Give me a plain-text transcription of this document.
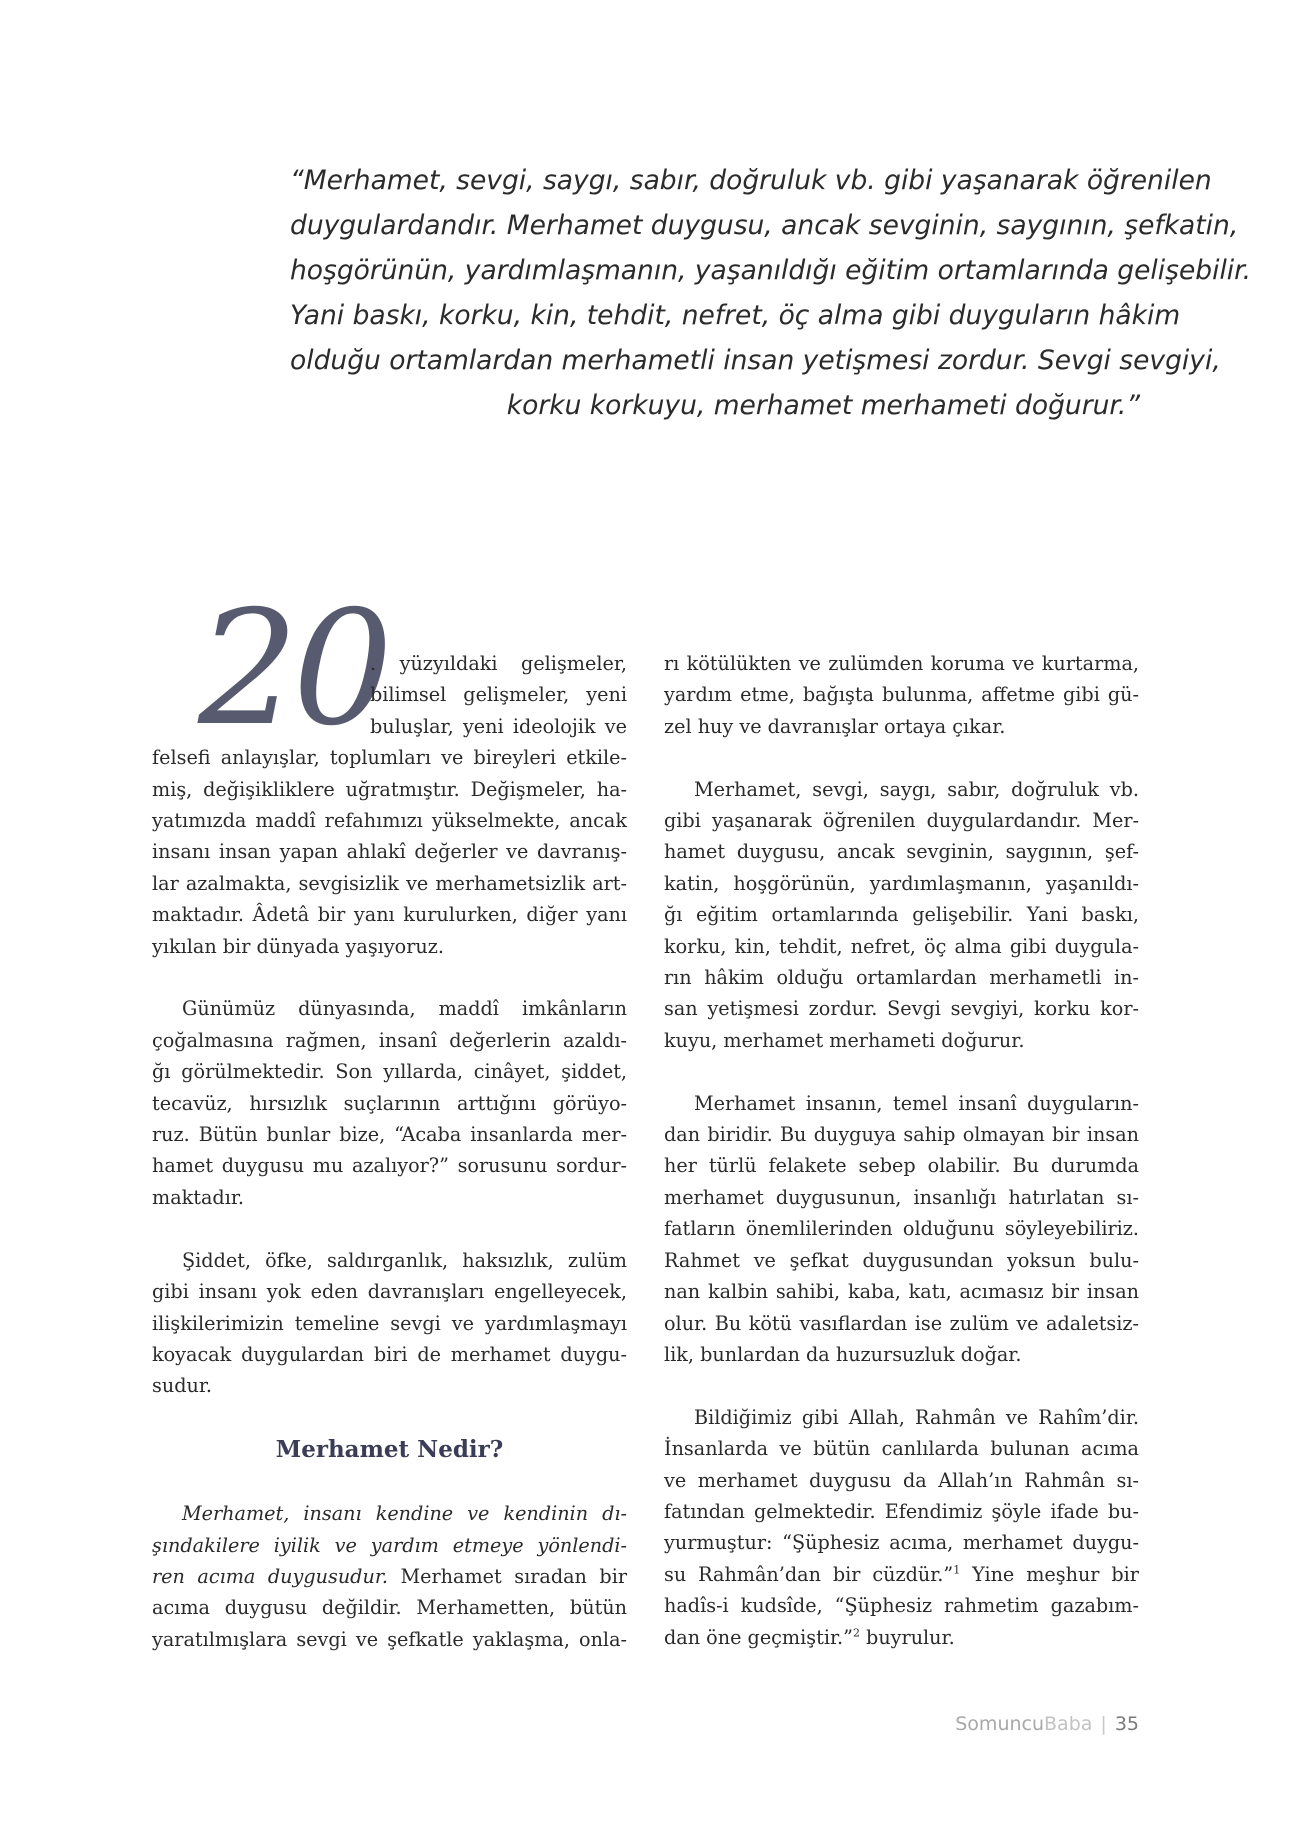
“Merhamet, sevgi, saygı, sabır, doğruluk vb. gibi yaşanarak öğrenilen
duygulardandır. Merhamet duygusu, ancak sevginin, saygının, şefkatin,
hoşgörünün, yardımlaşmanın, yaşanıldığı eğitim ortamlarında gelişebilir.
Yani baskı, korku, kin, tehdit, nefret, öç alma gibi duyguların hâkim
olduğu ortamlardan merhametli insan yetişmesi zordur. Sevgi sevgiyi,
korku korkuyu, merhamet merhameti doğurur.”
20

. yüzyıldaki gelişmeler,
bilimsel gelişmeler, yeni
buluşlar, yeni ideolojik ve
felsefi anlayışlar, toplumları ve bireyleri etkile-
miş, değişikliklere uğratmıştır. Değişmeler, ha-
yatımızda maddî refahımızı yükselmekte, ancak
insanı insan yapan ahlakî değerler ve davranış-
lar azalmakta, sevgisizlik ve merhametsizlik art-
maktadır. Âdetâ bir yanı kurulurken, diğer yanı
yıkılan bir dünyada yaşıyoruz.

Günümüz dünyasında, maddî imkânların
çoğalmasına rağmen, insanî değerlerin azaldı-
ğı görülmektedir. Son yıllarda, cinâyet, şiddet,
tecavüz, hırsızlık suçlarının arttığını görüyo-
ruz. Bütün bunlar bize, “Acaba insanlarda mer-
hamet duygusu mu azalıyor?” sorusunu sordur-
maktadır.

Şiddet, öfke, saldırganlık, haksızlık, zulüm
gibi insanı yok eden davranışları engelleyecek,
ilişkilerimizin temeline sevgi ve yardımlaşmayı
koyacak duygulardan biri de merhamet duygu-
sudur.

Merhamet Nedir?

Merhamet, insanı kendine ve kendinin dı-
şındakilere iyilik ve yardım etmeye yönlendi-
ren acıma duygusudur. Merhamet sıradan bir
acıma duygusu değildir. Merhametten, bütün
yaratılmışlara sevgi ve şefkatle yaklaşma, onla-

rı kötülükten ve zulümden koruma ve kurtarma,
yardım etme, bağışta bulunma, affetme gibi gü-
zel huy ve davranışlar ortaya çıkar.

Merhamet, sevgi, saygı, sabır, doğruluk vb.
gibi yaşanarak öğrenilen duygulardandır. Mer-
hamet duygusu, ancak sevginin, saygının, şef-
katin, hoşgörünün, yardımlaşmanın, yaşanıldı-
ğı eğitim ortamlarında gelişebilir. Yani baskı,
korku, kin, tehdit, nefret, öç alma gibi duygula-
rın hâkim olduğu ortamlardan merhametli in-
san yetişmesi zordur. Sevgi sevgiyi, korku kor-
kuyu, merhamet merhameti doğurur.

Merhamet insanın, temel insanî duyguların-
dan biridir. Bu duyguya sahip olmayan bir insan
her türlü felakete sebep olabilir. Bu durumda
merhamet duygusunun, insanlığı hatırlatan sı-
fatların önemlilerinden olduğunu söyleyebiliriz.
Rahmet ve şefkat duygusundan yoksun bulu-
nan kalbin sahibi, kaba, katı, acımasız bir insan
olur. Bu kötü vasıflardan ise zulüm ve adaletsiz-
lik, bunlardan da huzursuzluk doğar.

Bildiğimiz gibi Allah, Rahmân ve Rahîm’dir.
İnsanlarda ve bütün canlılarda bulunan acıma
ve merhamet duygusu da Allah’ın Rahmân sı-
fatından gelmektedir. Efendimiz şöyle ifade bu-
yurmuştur: “Şüphesiz acıma, merhamet duygu-
su Rahmân’dan bir cüzdür.”$^1$ Yine meşhur bir
hadîs-i kudsîde, “Şüphesiz rahmetim gazabım-
dan öne geçmiştir.”$^2$ buyrulur.

SomuncuBaba | 35
